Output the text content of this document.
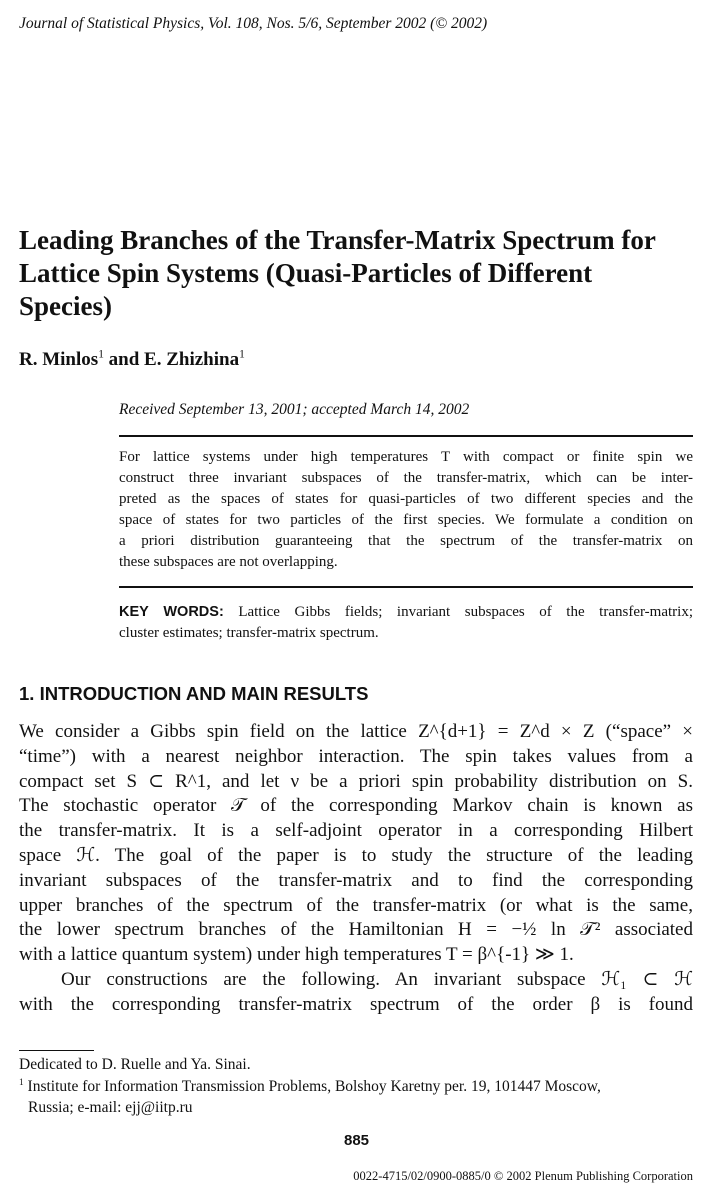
Journal of Statistical Physics, Vol. 108, Nos. 5/6, September 2002 (© 2002)
Leading Branches of the Transfer-Matrix Spectrum for
Lattice Spin Systems (Quasi-Particles of Different
Species)
R. Minlos$^1$ and E. Zhizhina$^1$
Received September 13, 2001; accepted March 14, 2002
For lattice systems under high temperatures T with compact or finite spin we
construct three invariant subspaces of the transfer-matrix, which can be inter-
preted as the spaces of states for quasi-particles of two different species and the
space of states for two particles of the first species. We formulate a condition on
a priori distribution guaranteeing that the spectrum of the transfer-matrix on
these subspaces are not overlapping.
KEY WORDS: Lattice Gibbs fields; invariant subspaces of the transfer-matrix;
cluster estimates; transfer-matrix spectrum.
1. INTRODUCTION AND MAIN RESULTS
We consider a Gibbs spin field on the lattice Z^{d+1} = Z^d × Z (“space” ×
“time”) with a nearest neighbor interaction. The spin takes values from a
compact set S ⊂ R^1, and let ν be a priori spin probability distribution on S.
The stochastic operator 𝒯 of the corresponding Markov chain is known as
the transfer-matrix. It is a self-adjoint operator in a corresponding Hilbert
space ℋ. The goal of the paper is to study the structure of the leading
invariant subspaces of the transfer-matrix and to find the corresponding
upper branches of the spectrum of the transfer-matrix (or what is the same,
the lower spectrum branches of the Hamiltonian H = −½ ln 𝒯² associated
with a lattice quantum system) under high temperatures T = β^{-1} ≫ 1.
Our constructions are the following. An invariant subspace ℋ₁ ⊂ ℋ
with the corresponding transfer-matrix spectrum of the order β is found
Dedicated to D. Ruelle and Ya. Sinai.
$^1$ Institute for Information Transmission Problems, Bolshoy Karetny per. 19, 101447 Moscow,
Russia; e-mail: ejj@iitp.ru
885
0022-4715/02/0900-0885/0 © 2002 Plenum Publishing Corporation
